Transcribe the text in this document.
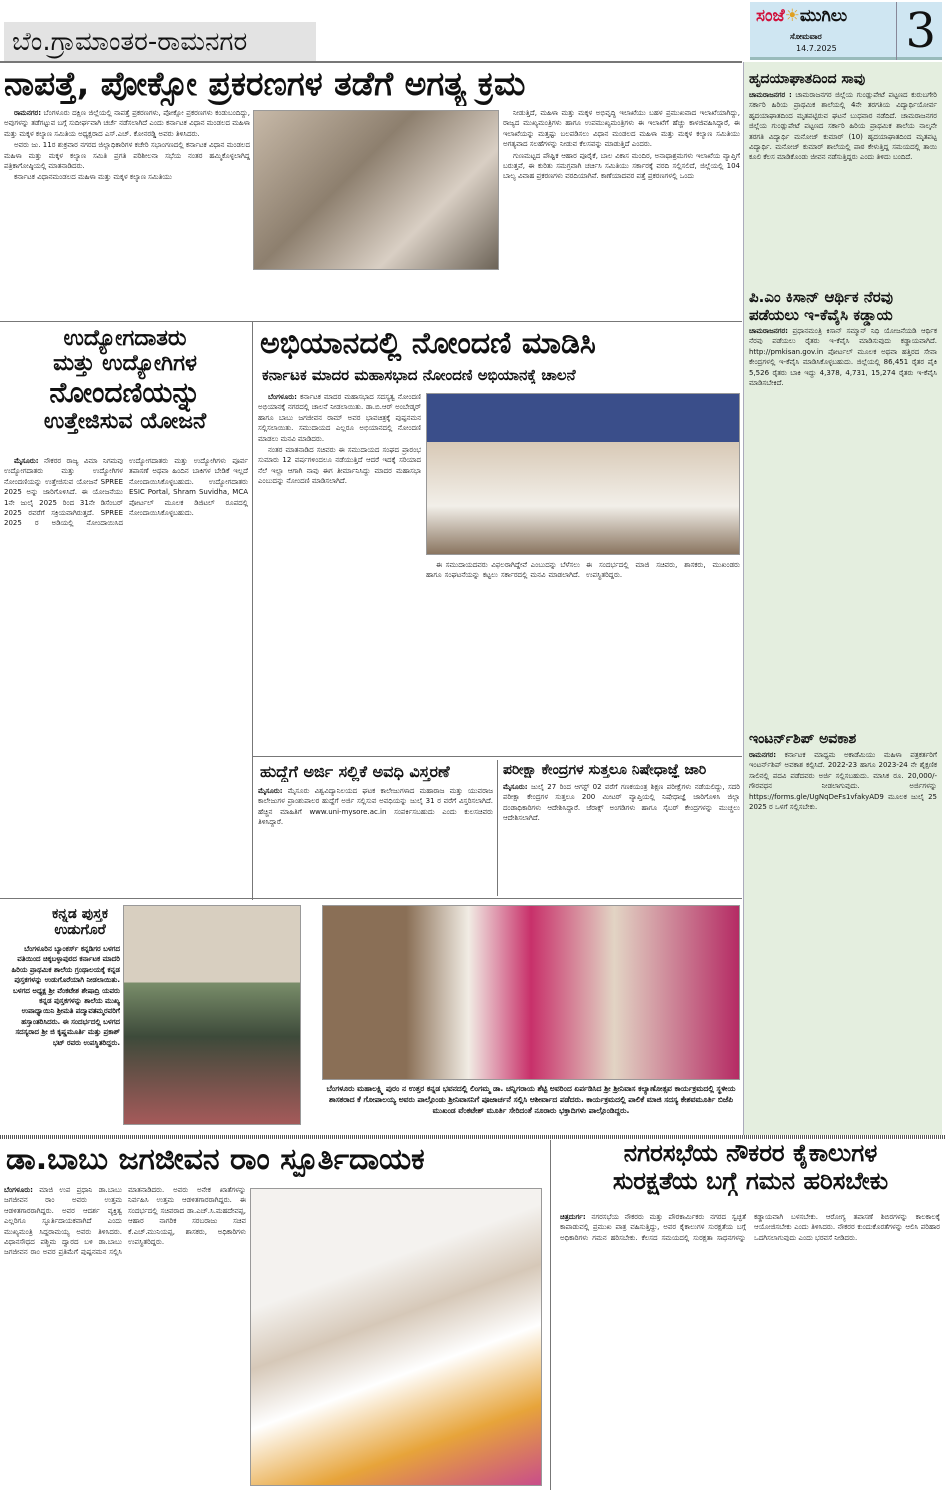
ಬೆಂ.ಗ್ರಾಮಾಂತರ-ರಾಮನಗರ
ಸಂಜೆ☀ಮುಗಿಲು
ಸೋಮವಾರ
14.7.2025 3
ನಾಪತ್ತೆ, ಪೋಕ್ಸೋ ಪ್ರಕರಣಗಳ ತಡೆಗೆ ಅಗತ್ಯ ಕ್ರಮ

ರಾಮನಗರ: ಬೆಂಗಳೂರು ದಕ್ಷಿಣ ಜಿಲ್ಲೆಯಲ್ಲಿ ನಾಪತ್ತೆ ಪ್ರಕರಣಗಳು, ಪೋಕ್ಸೋ ಪ್ರಕರಣಗಳು ಕಂಡುಬಂದಿದ್ದು, ಅವುಗಳನ್ನು ತಡೆಗಟ್ಟುವ ಬಗ್ಗೆ ಸುದೀರ್ಘವಾಗಿ ಚರ್ಚೆ ನಡೆಸಲಾಗಿದೆ ಎಂದು ಕರ್ನಾಟಕ ವಿಧಾನ ಮಂಡಲದ ಮಹಿಳಾ ಮತ್ತು ಮಕ್ಕಳ ಕಲ್ಯಾಣ ಸಮಿತಿಯ ಅಧ್ಯಕ್ಷರಾದ ಎಸ್.ಎಚ್. ಕೋನರಡ್ಡಿ ಅವರು ತಿಳಿಸಿದರು.

ಅವರು ಜು. 11ರ ಶುಕ್ರವಾರ ನಗರದ ಜಿಲ್ಲಾಧಿಕಾರಿಗಳ ಕಚೇರಿ ಸಭಾಂಗಣದಲ್ಲಿ ಕರ್ನಾಟಕ ವಿಧಾನ ಮಂಡಲದ ಮಹಿಳಾ ಮತ್ತು ಮಕ್ಕಳ ಕಲ್ಯಾಣ ಸಮಿತಿ ಪ್ರಗತಿ ಪರಿಶೀಲನಾ ಸಭೆಯ ನಂತರ ಹಮ್ಮಿಕೊಳ್ಳಲಾಗಿದ್ದ ಪತ್ರಿಕಾಗೋಷ್ಠಿಯಲ್ಲಿ ಮಾತನಾಡಿದರು.

ಕರ್ನಾಟಕ ವಿಧಾನಮಂಡಲದ ಮಹಿಳಾ ಮತ್ತು ಮಕ್ಕಳ ಕಲ್ಯಾಣ ಸಮಿತಿಯು

ನೀಡುತ್ತಿದೆ, ಮಹಿಳಾ ಮತ್ತು ಮಕ್ಕಳ ಅಭಿವೃದ್ಧಿ ಇಲಾಖೆಯು ಬಹಳ ಪ್ರಮುಖವಾದ ಇಲಾಖೆಯಾಗಿದ್ದು, ರಾಜ್ಯದ ಮುಖ್ಯಮಂತ್ರಿಗಳು ಹಾಗೂ ಉಪಮುಖ್ಯಮಂತ್ರಿಗಳು ಈ ಇಲಾಖೆಗೆ ಹೆಚ್ಚು ಕಾಳಜಿವಹಿಸಿದ್ದಾರೆ, ಈ ಇಲಾಖೆಯನ್ನು ಮತ್ತಷ್ಟು ಬಲಪಡಿಸಲು ವಿಧಾನ ಮಂಡಲದ ಮಹಿಳಾ ಮತ್ತು ಮಕ್ಕಳ ಕಲ್ಯಾಣ ಸಮಿತಿಯು ಅಗತ್ಯವಾದ ಸಲಹೆಗಳನ್ನು ನೀಡುವ ಕೆಲಸವನ್ನು ಮಾಡುತ್ತಿದೆ ಎಂದರು.

ಗುಣಮಟ್ಟದ ಪೌಷ್ಟಿಕ ಆಹಾರ ಪೂರೈಕೆ, ಬಾಲ ವಿಕಾಸ ಮಂದಿರ, ಅನಾಥಾಶ್ರಮಗಳು ಇಲಾಖೆಯ ವ್ಯಾಪ್ತಿಗೆ ಬರುತ್ತವೆ, ಈ ಕುರಿತು ಸಮಗ್ರವಾಗಿ ಚರ್ಚಿಸಿ ಸಮಿತಿಯು ಸರ್ಕಾರಕ್ಕೆ ವರದಿ ಸಲ್ಲಿಸಲಿದೆ, ಜಿಲ್ಲೆಯಲ್ಲಿ 104 ಬಾಲ್ಯ ವಿವಾಹ ಪ್ರಕರಣಗಳು ವರದಿಯಾಗಿವೆ. ಕಾಣೆಯಾದವರ ಪತ್ತೆ ಪ್ರಕರಣಗಳಲ್ಲಿ ಒಂದು

ಹೃದಯಾಘಾತದಿಂದ ಸಾವು
ಚಾಮರಾಜನಗರ : ಚಾಮರಾಜನಗರ ಜಿಲ್ಲೆಯ ಗುಂಡ್ಲುಪೇಟೆ ಪಟ್ಟಣದ ಕುರುಬಗೇರಿ ಸರ್ಕಾರಿ ಹಿರಿಯ ಪ್ರಾಥಮಿಕ ಶಾಲೆಯಲ್ಲಿ 4ನೇ ತರಗತಿಯ ವಿದ್ಯಾರ್ಥಿಯೋರ್ವ ಹೃದಯಾಘಾತದಿಂದ ಮೃತಪಟ್ಟಿರುವ ಘಟನೆ ಬುಧವಾರ ನಡೆದಿದೆ. ಚಾಮರಾಜನಗರ ಜಿಲ್ಲೆಯ ಗುಂಡ್ಲುಪೇಟೆ ಪಟ್ಟಣದ ಸರ್ಕಾರಿ ಹಿರಿಯ ಪ್ರಾಥಮಿಕ ಶಾಲೆಯ ನಾಲ್ಕನೇ ತರಗತಿ ವಿದ್ಯಾರ್ಥಿ ಮನೋಜ್ ಕುಮಾರ್ (10) ಹೃದಯಾಘಾತದಿಂದ ಮೃತಪಟ್ಟ ವಿದ್ಯಾರ್ಥಿ. ಮನೋಜ್ ಕುಮಾರ್ ಶಾಲೆಯಲ್ಲಿ ಪಾಠ ಕೇಳುತ್ತಿದ್ದ ಸಮಯದಲ್ಲಿ ತಾಯಿ ಕೂಲಿ ಕೆಲಸ ಮಾಡಿಕೊಂಡು ಜೀವನ ನಡೆಸುತ್ತಿದ್ದರು ಎಂದು ತಿಳಿದು ಬಂದಿದೆ.
ಪಿ.ಎಂ ಕಿಸಾನ್ ಆರ್ಥಿಕ ನೆರವು ಪಡೆಯಲು ಇ-ಕೆವೈಸಿ ಕಡ್ಡಾಯ
ಚಾಮರಾಜನಗರ: ಪ್ರಧಾನಮಂತ್ರಿ ಕಿಸಾನ್ ಸಮ್ಮಾನ್ ನಿಧಿ ಯೋಜನೆಯಡಿ ಆರ್ಥಿಕ ನೆರವು ಪಡೆಯಲು ರೈತರು ಇ-ಕೆವೈಸಿ ಮಾಡಿಸುವುದು ಕಡ್ಡಾಯವಾಗಿದೆ. http://pmkisan.gov.in ಪೋರ್ಟಲ್ ಮೂಲಕ ಅಥವಾ ಹತ್ತಿರದ ಸೇವಾ ಕೇಂದ್ರಗಳಲ್ಲಿ ಇ-ಕೆವೈಸಿ ಮಾಡಿಸಿಕೊಳ್ಳಬಹುದು. ಜಿಲ್ಲೆಯಲ್ಲಿ 86,451 ರೈತರ ಪೈಕಿ 5,526 ರೈತರು ಬಾಕಿ ಇದ್ದು 4,378, 4,731, 15,274 ರೈತರು ಇ-ಕೆವೈಸಿ ಮಾಡಿಸಬೇಕಿದೆ.
ಇಂಟರ್ನ್‌ಶಿಪ್ ಅವಕಾಶ
ರಾಮನಗರ: ಕರ್ನಾಟಕ ಮಾಧ್ಯಮ ಅಕಾಡೆಮಿಯು ಮಹಿಳಾ ಪತ್ರಕರ್ತರಿಗೆ ಇಂಟರ್ನ್‌ಶಿಪ್ ಅವಕಾಶ ಕಲ್ಪಿಸಿದೆ. 2022-23 ಹಾಗೂ 2023-24 ನೇ ಶೈಕ್ಷಣಿಕ ಸಾಲಿನಲ್ಲಿ ಪದವಿ ಪಡೆದವರು ಅರ್ಜಿ ಸಲ್ಲಿಸಬಹುದು. ಮಾಸಿಕ ರೂ. 20,000/- ಗೌರವಧನ ನೀಡಲಾಗುವುದು. ಅರ್ಜಿಗಳನ್ನು https://forms.gle/UgNqDeFs1vfakyAD9 ಮೂಲಕ ಜುಲೈ 25 2025 ರ ಒಳಗೆ ಸಲ್ಲಿಸಬೇಕು.
ಉದ್ಯೋಗದಾತರು
ಮತ್ತು ಉದ್ಯೋಗಿಗಳ
ನೋಂದಣಿಯನ್ನು
ಉತ್ತೇಜಿಸುವ ಯೋಜನೆ

ಮೈಸೂರು: ನೌಕರರ ರಾಜ್ಯ ವಿಮಾ ನಿಗಮವು ಉದ್ಯೋಗದಾತರು ಮತ್ತು ಉದ್ಯೋಗಿಗಳ ನೋಂದಣಿಯನ್ನು ಉತ್ತೇಜಿಸುವ ಯೋಜನೆ SPREE 2025 ಅನ್ನು ಜಾರಿಗೊಳಿಸಿದೆ. ಈ ಯೋಜನೆಯು 1ನೇ ಜುಲೈ 2025 ರಿಂದ 31ನೇ ಡಿಸೆಂಬರ್ 2025 ರವರೆಗೆ ಸಕ್ರಿಯವಾಗಿರುತ್ತದೆ. SPREE 2025 ರ ಅಡಿಯಲ್ಲಿ ನೋಂದಾಯಿಸಿದ ಉದ್ಯೋಗದಾತರು ಮತ್ತು ಉದ್ಯೋಗಿಗಳು ಪೂರ್ವ ತಪಾಸಣೆ ಅಥವಾ ಹಿಂದಿನ ಬಾಕಿಗಳ ಬೇಡಿಕೆ ಇಲ್ಲದೆ ನೋಂದಾಯಿಸಿಕೊಳ್ಳಬಹುದು. ಉದ್ಯೋಗದಾತರು ESIC Portal, Shram Suvidha, MCA ಪೋರ್ಟಲ್ ಮೂಲಕ ಡಿಜಿಟಲ್ ರೂಪದಲ್ಲಿ ನೋಂದಾಯಿಸಿಕೊಳ್ಳಬಹುದು.

ಅಭಿಯಾನದಲ್ಲಿ ನೋಂದಣಿ ಮಾಡಿಸಿ
ಕರ್ನಾಟಕ ಮಾದರ ಮಹಾಸಭಾದ ನೋಂದಣಿ ಅಭಿಯಾನಕ್ಕೆ ಚಾಲನೆ

ಬೆಂಗಳೂರು: ಕರ್ನಾಟಕ ಮಾದರ ಮಹಾಸಭಾದ ಸದಸ್ಯತ್ವ ನೋಂದಣಿ ಅಭಿಯಾನಕ್ಕೆ ನಗರದಲ್ಲಿ ಚಾಲನೆ ನೀಡಲಾಯಿತು. ಡಾ.ಬಿ.ಆರ್ ಅಂಬೇಡ್ಕರ್ ಹಾಗೂ ಬಾಬು ಜಗಜೀವನ ರಾಮ್ ಅವರ ಭಾವಚಿತ್ರಕ್ಕೆ ಪುಷ್ಪನಮನ ಸಲ್ಲಿಸಲಾಯಿತು. ಸಮುದಾಯದ ಎಲ್ಲರೂ ಅಭಿಯಾನದಲ್ಲಿ ನೋಂದಣಿ ಮಾಡಲು ಮನವಿ ಮಾಡಿದರು.

ನಂತರ ಮಾತನಾಡಿದ ಸಚಿವರು ಈ ಸಮುದಾಯದ ಸಂಘದ ಪ್ರಾರಂಭ ಸುಮಾರು 12 ವರ್ಷಗಳಿಂದಲೂ ನಡೆಯುತ್ತಿದೆ ಆದರೆ ಇದಕ್ಕೆ ಸರಿಯಾದ ನೆಲೆ ಇಲ್ಲಾ ಆಗಾಗಿ ನಾವು ಈಗ ತೀರ್ಮಾನಿಸಿದ್ದು ಮಾದರ ಮಹಾಸಭಾ ಎಂಬುದನ್ನು ನೋಂದಣಿ ಮಾಡಿಸಲಾಗಿದೆ.

ಈ ಸಮುದಾಯದವರು ವಿಫಲರಾಗಿದ್ದೇವೆ ಎಂಬುದನ್ನು ಬೆಳೆಸಲು ಹಾಗೂ ಸಂಘಟನೆಯನ್ನು ಕಟ್ಟಲು ಸರ್ಕಾರದಲ್ಲಿ ಮನವಿ ಮಾಡಲಾಗಿದೆ. ಈ ಸಂದರ್ಭದಲ್ಲಿ ಮಾಜಿ ಸಚಿವರು, ಶಾಸಕರು, ಮುಖಂಡರು ಉಪಸ್ಥಿತರಿದ್ದರು.

ಹುದ್ದೆಗೆ ಅರ್ಜಿ ಸಲ್ಲಿಕೆ ಅವಧಿ ವಿಸ್ತರಣೆ
ಮೈಸೂರು: ಮೈಸೂರು ವಿಶ್ವವಿದ್ಯಾನಿಲಯದ ಘಟಕ ಕಾಲೇಜುಗಳಾದ ಮಹಾರಾಜ ಮತ್ತು ಯುವರಾಜ ಕಾಲೇಜುಗಳ ಪ್ರಾಂಶುಪಾಲರ ಹುದ್ದೆಗೆ ಅರ್ಜಿ ಸಲ್ಲಿಸುವ ಅವಧಿಯನ್ನು ಜುಲೈ 31 ರ ವರೆಗೆ ವಿಸ್ತರಿಸಲಾಗಿದೆ. ಹೆಚ್ಚಿನ ಮಾಹಿತಿಗೆ www.uni-mysore.ac.in ಸಂಪರ್ಕಿಸಬಹುದು ಎಂದು ಕುಲಸಚಿವರು ತಿಳಿಸಿದ್ದಾರೆ.
ಪರೀಕ್ಷಾ ಕೇಂದ್ರಗಳ ಸುತ್ತಲೂ ನಿಷೇಧಾಜ್ಞೆ ಜಾರಿ
ಮೈಸೂರು: ಜುಲೈ 27 ರಿಂದ ಆಗಸ್ಟ್ 02 ವರೆಗೆ ಗಣಕಯಂತ್ರ ಶಿಕ್ಷಣ ಪರೀಕ್ಷೆಗಳು ನಡೆಯಲಿದ್ದು, ಸದರಿ ಪರೀಕ್ಷಾ ಕೇಂದ್ರಗಳ ಸುತ್ತಲೂ 200 ಮೀಟರ್ ವ್ಯಾಪ್ತಿಯಲ್ಲಿ ನಿಷೇಧಾಜ್ಞೆ ಜಾರಿಗೊಳಿಸಿ ಜಿಲ್ಲಾ ದಂಡಾಧಿಕಾರಿಗಳು ಆದೇಶಿಸಿದ್ದಾರೆ. ಜೆರಾಕ್ಸ್ ಅಂಗಡಿಗಳು ಹಾಗೂ ಸೈಬರ್ ಕೇಂದ್ರಗಳನ್ನು ಮುಚ್ಚಲು ಆದೇಶಿಸಲಾಗಿದೆ.
ಕನ್ನಡ ಪುಸ್ತಕ ಉಡುಗೊರೆ
ಬೆಂಗಳೂರಿನ ಬ್ಯಾಂಕರ್ಸ್ ಕನ್ನಡಿಗರ ಬಳಗದ ವತಿಯಿಂದ ಚಿಕ್ಕಬಳ್ಳಾಪುರದ ಕರ್ನಾಟಕ ಮಾದರಿ ಹಿರಿಯ ಪ್ರಾಥಮಿಕ ಶಾಲೆಯ ಗ್ರಂಥಾಲಯಕ್ಕೆ ಕನ್ನಡ ಪುಸ್ತಕಗಳನ್ನು ಉಡುಗೊರೆಯಾಗಿ ನೀಡಲಾಯಿತು. ಬಳಗದ ಅಧ್ಯಕ್ಷ ಶ್ರೀ ವೆಂಕಟೇಶ ಶೇಷಾದ್ರಿ ಯವರು ಕನ್ನಡ ಪುಸ್ತಕಗಳನ್ನು ಶಾಲೆಯ ಮುಖ್ಯ ಉಪಾಧ್ಯಾಯಿನಿ ಶ್ರೀಮತಿ ಪದ್ಮಾವತಮ್ಮರವರಿಗೆ ಹಸ್ತಾಂತರಿಸಿದರು. ಈ ಸಂದರ್ಭದಲ್ಲಿ ಬಳಗದ ಸದಸ್ಯರಾದ ಶ್ರೀ ಜಿ ಕೃಷ್ಣಮೂರ್ತಿ ಮತ್ತು ಪ್ರಕಾಶ್ ಭಟ್ ರವರು ಉಪಸ್ಥಿತರಿದ್ದರು.
ಬೆಂಗಳೂರು ಮಹಾಲಕ್ಷ್ಮಿ ಪುರಂ ನ ಉತ್ತರ ಕನ್ನಡ ಭವನದಲ್ಲಿ ಲಿಂಗಮ್ಮ ಡಾ. ಚನ್ನಿಗರಾಯ ಶೆಟ್ಟಿ ಅವರಿಂದ ಏರ್ಪಡಿಸಿದ ಶ್ರೀ ಶ್ರೀನಿವಾಸ ಕಲ್ಯಾಣೋತ್ಸವ ಕಾರ್ಯಕ್ರಮದಲ್ಲಿ ಸ್ಥಳೀಯ ಶಾಸಕರಾದ ಕೆ ಗೋಪಾಲಯ್ಯ ಅವರು ಪಾಲ್ಗೊಂಡು ಶ್ರೀನಿವಾಸನಿಗೆ ಪೂಜಾರ್ಚನೆ ಸಲ್ಲಿಸಿ ಆಶೀರ್ವಾದ ಪಡೆದರು. ಕಾರ್ಯಕ್ರಮದಲ್ಲಿ ಪಾಲಿಕೆ ಮಾಜಿ ಸದಸ್ಯ ಕೇಶವಮೂರ್ತಿ ಬಿಜೆಪಿ ಮುಖಂಡ ವೆಂಕಟೇಶ್ ಮೂರ್ತಿ ಸೇರಿದಂತೆ ನೂರಾರು ಭಕ್ತಾದಿಗಳು ಪಾಲ್ಗೊಂಡಿದ್ದರು.
ಡಾ.ಬಾಬು ಜಗಜೀವನ ರಾಂ ಸ್ಫೂರ್ತಿದಾಯಕ
ಬೆಂಗಳೂರು: ಮಾಜಿ ಉಪ ಪ್ರಧಾನಿ ಡಾ.ಬಾಬು ಜಗಜೀವನ ರಾಂ ಅವರು ಉತ್ತಮ ಆಡಳಿತಗಾರರಾಗಿದ್ದರು. ಅವರ ಆದರ್ಶ ವ್ಯಕ್ತಿತ್ವ ಎಲ್ಲರಿಗೂ ಸ್ಫೂರ್ತಿದಾಯಕವಾಗಿದೆ ಎಂದು ಮುಖ್ಯಮಂತ್ರಿ ಸಿದ್ದರಾಮಯ್ಯ ಅವರು ತಿಳಿಸಿದರು. ವಿಧಾನಸೌಧದ ಪಶ್ಚಿಮ ದ್ವಾರದ ಬಳಿ ಡಾ.ಬಾಬು ಜಗಜೀವನ ರಾಂ ಅವರ ಪ್ರತಿಮೆಗೆ ಪುಷ್ಪನಮನ ಸಲ್ಲಿಸಿ ಮಾತನಾಡಿದರು. ಅವರು ಅನೇಕ ಖಾತೆಗಳನ್ನು ನಿರ್ವಹಿಸಿ ಉತ್ತಮ ಆಡಳಿತಗಾರರಾಗಿದ್ದರು. ಈ ಸಂದರ್ಭದಲ್ಲಿ ಸಚಿವರಾದ ಡಾ.ಎಚ್.ಸಿ.ಮಹದೇವಪ್ಪ, ಆಹಾರ ನಾಗರಿಕ ಸರಬರಾಜು ಸಚಿವ ಕೆ.ಎಚ್.ಮುನಿಯಪ್ಪ, ಶಾಸಕರು, ಅಧಿಕಾರಿಗಳು ಉಪಸ್ಥಿತರಿದ್ದರು.
ನಗರಸಭೆಯ ನೌಕರರ ಕೈಕಾಲುಗಳ
ಸುರಕ್ಷತೆಯ ಬಗ್ಗೆ ಗಮನ ಹರಿಸಬೇಕು
ಚಿತ್ರದುರ್ಗ: ನಗರಸಭೆಯ ನೌಕರರು ಮತ್ತು ಪೌರಕಾರ್ಮಿಕರು ನಗರದ ಸ್ವಚ್ಛತೆ ಕಾಪಾಡುವಲ್ಲಿ ಪ್ರಮುಖ ಪಾತ್ರ ವಹಿಸುತ್ತಿದ್ದು, ಅವರ ಕೈಕಾಲುಗಳ ಸುರಕ್ಷತೆಯ ಬಗ್ಗೆ ಅಧಿಕಾರಿಗಳು ಗಮನ ಹರಿಸಬೇಕು. ಕೆಲಸದ ಸಮಯದಲ್ಲಿ ಸುರಕ್ಷತಾ ಸಾಧನಗಳನ್ನು ಕಡ್ಡಾಯವಾಗಿ ಬಳಸಬೇಕು. ಆರೋಗ್ಯ ತಪಾಸಣೆ ಶಿಬಿರಗಳನ್ನು ಕಾಲಕಾಲಕ್ಕೆ ಆಯೋಜಿಸಬೇಕು ಎಂದು ತಿಳಿಸಿದರು. ನೌಕರರ ಕುಂದುಕೊರತೆಗಳನ್ನು ಆಲಿಸಿ ಪರಿಹಾರ ಒದಗಿಸಲಾಗುವುದು ಎಂದು ಭರವಸೆ ನೀಡಿದರು.
